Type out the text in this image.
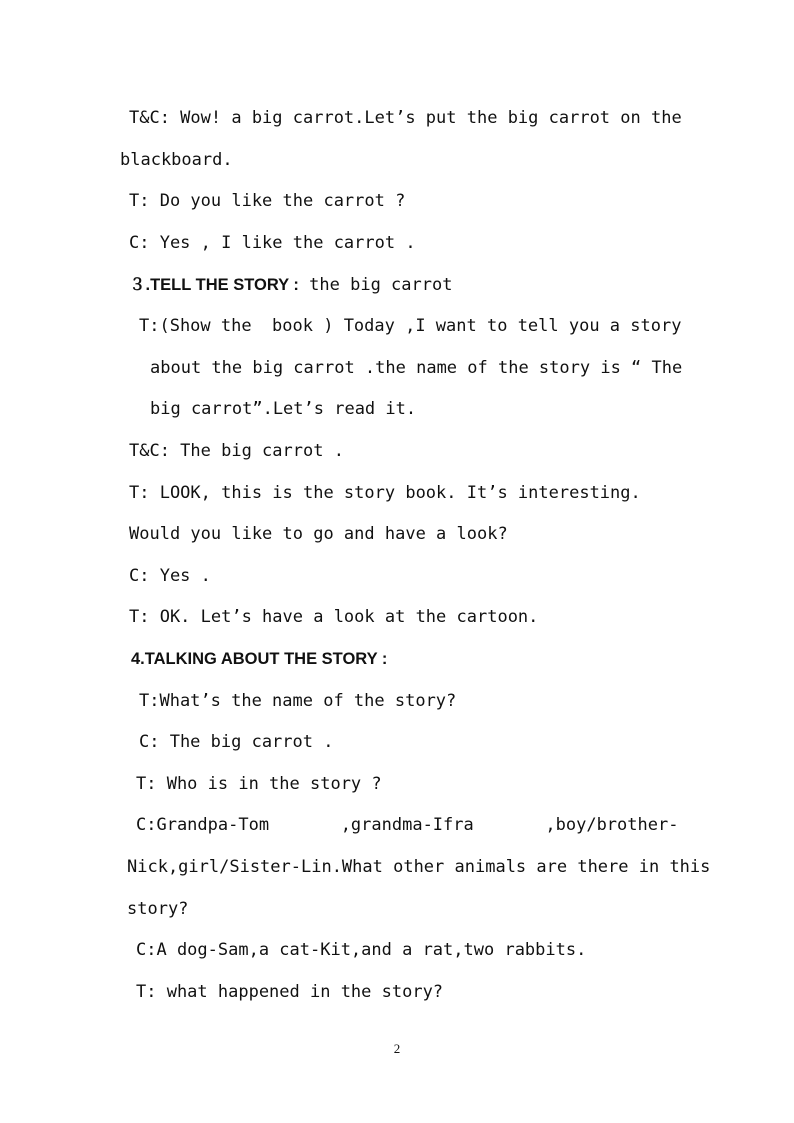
T&C: Wow! a big carrot.Let’s put the big carrot on the
blackboard.
T: Do you like the carrot ?
C: Yes , I like the carrot .
３.TELL THE STORY : the big carrot
T:(Show the  book ) Today ,I want to tell you a story
about the big carrot .the name of the story is “ The
big carrot”.Let’s read it.
T&C: The big carrot .
T: LOOK, this is the story book. It’s interesting.
Would you like to go and have a look?
C: Yes .
T: OK. Let’s have a look at the cartoon.
4.TALKING ABOUT THE STORY :
T:What’s the name of the story?
C: The big carrot .
T: Who is in the story ?
C:Grandpa-Tom       ,grandma-Ifra       ,boy/brother-
Nick,girl/Sister-Lin.What other animals are there in this
story?
C:A dog-Sam,a cat-Kit,and a rat,two rabbits.
T: what happened in the story?
2
